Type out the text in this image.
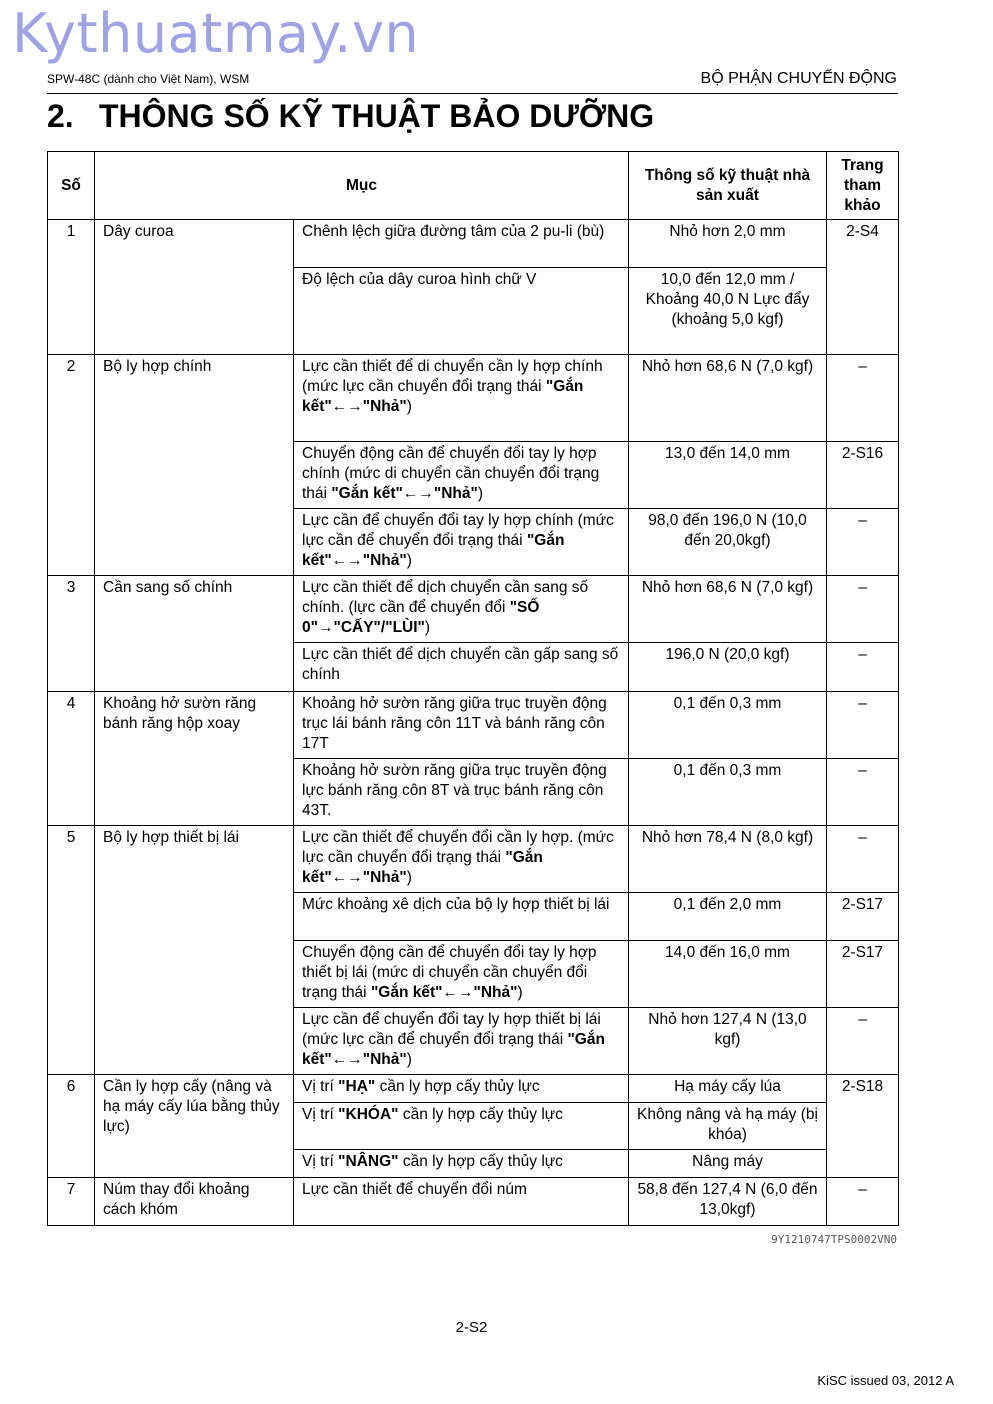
Kythuatmay.vn
SPW-48C (dành cho Việt Nam), WSM	BỘ PHẬN CHUYỂN ĐỘNG
2. THÔNG SỐ KỸ THUẬT BẢO DƯỠNG
Số	Mục		Thông số kỹ thuật nhà sản xuất	Trang tham khảo
1	Dây curoa	Chênh lệch giữa đường tâm của 2 pu-li (bù)	Nhỏ hơn 2,0 mm	2-S4
		Độ lệch của dây curoa hình chữ V	10,0 đến 12,0 mm / Khoảng 40,0 N Lực đẩy (khoảng 5,0 kgf)	
2	Bộ ly hợp chính	Lực cần thiết để di chuyển cần ly hợp chính (mức lực cần chuyển đổi trạng thái "Gắn kết"←→"Nhả")	Nhỏ hơn 68,6 N (7,0 kgf)	–
		Chuyển động cần để chuyển đổi tay ly hợp chính (mức di chuyển cần chuyển đổi trạng thái "Gắn kết"←→"Nhả")	13,0 đến 14,0 mm	2-S16
		Lực cần để chuyển đổi tay ly hợp chính (mức lực cần để chuyển đổi trạng thái "Gắn kết"←→"Nhả")	98,0 đến 196,0 N (10,0 đến 20,0kgf)	–
3	Cần sang số chính	Lực cần thiết để dịch chuyển cần sang số chính. (lực cần để chuyển đổi "SỐ 0"→"CẤY"/"LÙI")	Nhỏ hơn 68,6 N (7,0 kgf)	–
		Lực cần thiết để dịch chuyển cần gấp sang số chính	196,0 N (20,0 kgf)	–
4	Khoảng hở sườn răng bánh răng hộp xoay	Khoảng hở sườn răng giữa trục truyền động trục lái bánh răng côn 11T và bánh răng côn 17T	0,1 đến 0,3 mm	–
		Khoảng hở sườn răng giữa trục truyền động lực bánh răng côn 8T và trục bánh răng côn 43T.	0,1 đến 0,3 mm	–
5	Bộ ly hợp thiết bị lái	Lực cần thiết để chuyển đổi cần ly hợp. (mức lực cần chuyển đổi trạng thái "Gắn kết"←→"Nhả")	Nhỏ hơn 78,4 N (8,0 kgf)	–
		Mức khoảng xê dịch của bộ ly hợp thiết bị lái	0,1 đến 2,0 mm	2-S17
		Chuyển động cần để chuyển đổi tay ly hợp thiết bị lái (mức di chuyển cần chuyển đổi trạng thái "Gắn kết"←→"Nhả")	14,0 đến 16,0 mm	2-S17
		Lực cần để chuyển đổi tay ly hợp thiết bị lái (mức lực cần để chuyển đổi trạng thái "Gắn kết"←→"Nhả")	Nhỏ hơn 127,4 N (13,0 kgf)	–
6	Cần ly hợp cấy (nâng và hạ máy cấy lúa bằng thủy lực)	Vị trí "HẠ" cần ly hợp cấy thủy lực	Hạ máy cấy lúa	2-S18
		Vị trí "KHÓA" cần ly hợp cấy thủy lực	Không nâng và hạ máy (bị khóa)	
		Vị trí "NÂNG" cần ly hợp cấy thủy lực	Nâng máy	
7	Núm thay đổi khoảng cách khóm	Lực cần thiết để chuyển đổi núm	58,8 đến 127,4 N (6,0 đến 13,0kgf)	–
9Y1210747TPS0002VN0
2-S2
KiSC issued 03, 2012 A
